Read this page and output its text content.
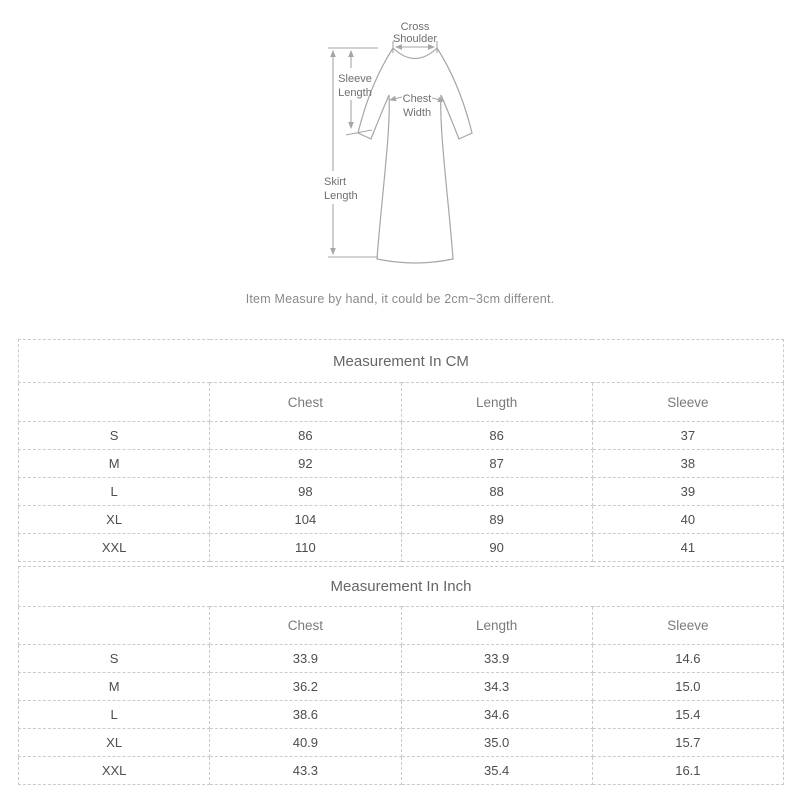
Cross
Shoulder
Skirt
Length
Sleeve
Length	Chest
Width
Item Measure by hand, it could be 2cm~3cm different.
Measurement In CM			
	Chest	Length	Sleeve
S	86	86	37
M	92	87	38
L	98	88	39
XL	104	89	40
XXL	110	90	41
Measurement In Inch			
	Chest	Length	Sleeve
S	33.9	33.9	14.6
M	36.2	34.3	15.0
L	38.6	34.6	15.4
XL	40.9	35.0	15.7
XXL	43.3	35.4	16.1
